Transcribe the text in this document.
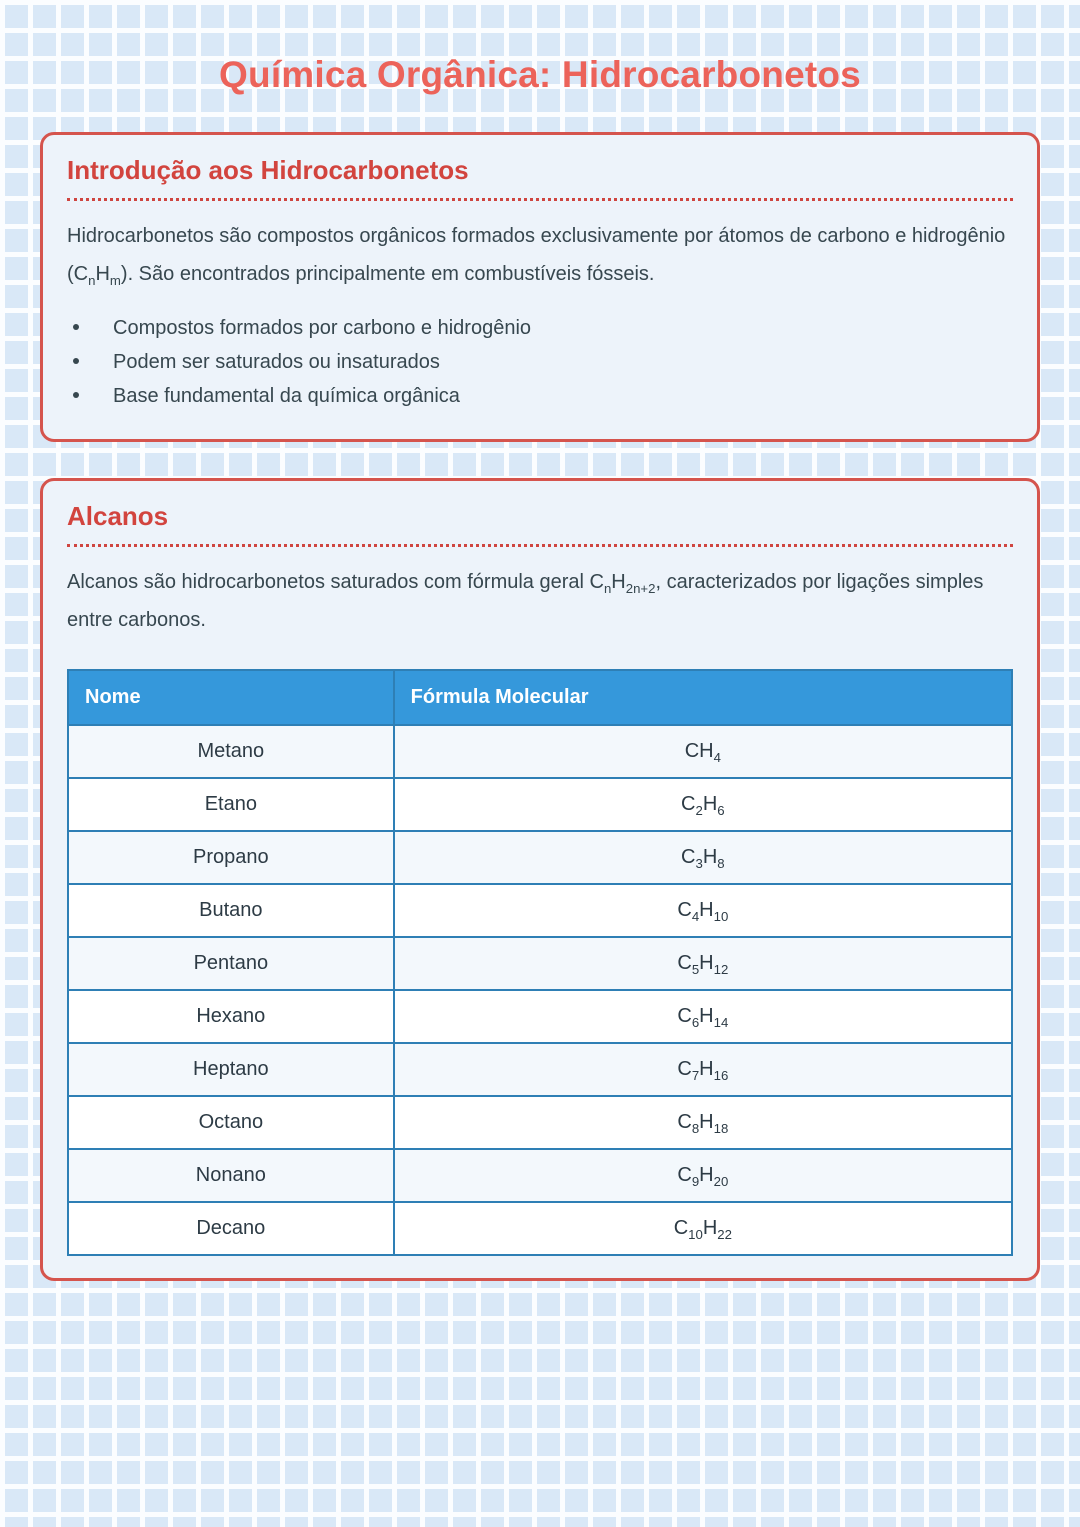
Química Orgânica: Hidrocarbonetos
Introdução aos Hidrocarbonetos

Hidrocarbonetos são compostos orgânicos formados exclusivamente por átomos de carbono e hidrogênio $(C_nH_m)$. São encontrados principalmente em combustíveis fósseis.

Compostos formados por carbono e hidrogênio
Podem ser saturados ou insaturados
Base fundamental da química orgânica
Alcanos

Alcanos são hidrocarbonetos saturados com fórmula geral $C_nH_{2n+2}$, caracterizados por ligações simples entre carbonos.

Nome	Fórmula Molecular
Metano	$CH_4$
Etano	$C_2H_6$
Propano	$C_3H_8$
Butano	$C_4H_{10}$
Pentano	$C_5H_{12}$
Hexano	$C_6H_{14}$
Heptano	$C_7H_{16}$
Octano	$C_8H_{18}$
Nonano	$C_9H_{20}$
Decano	$C_{10}H_{22}$
